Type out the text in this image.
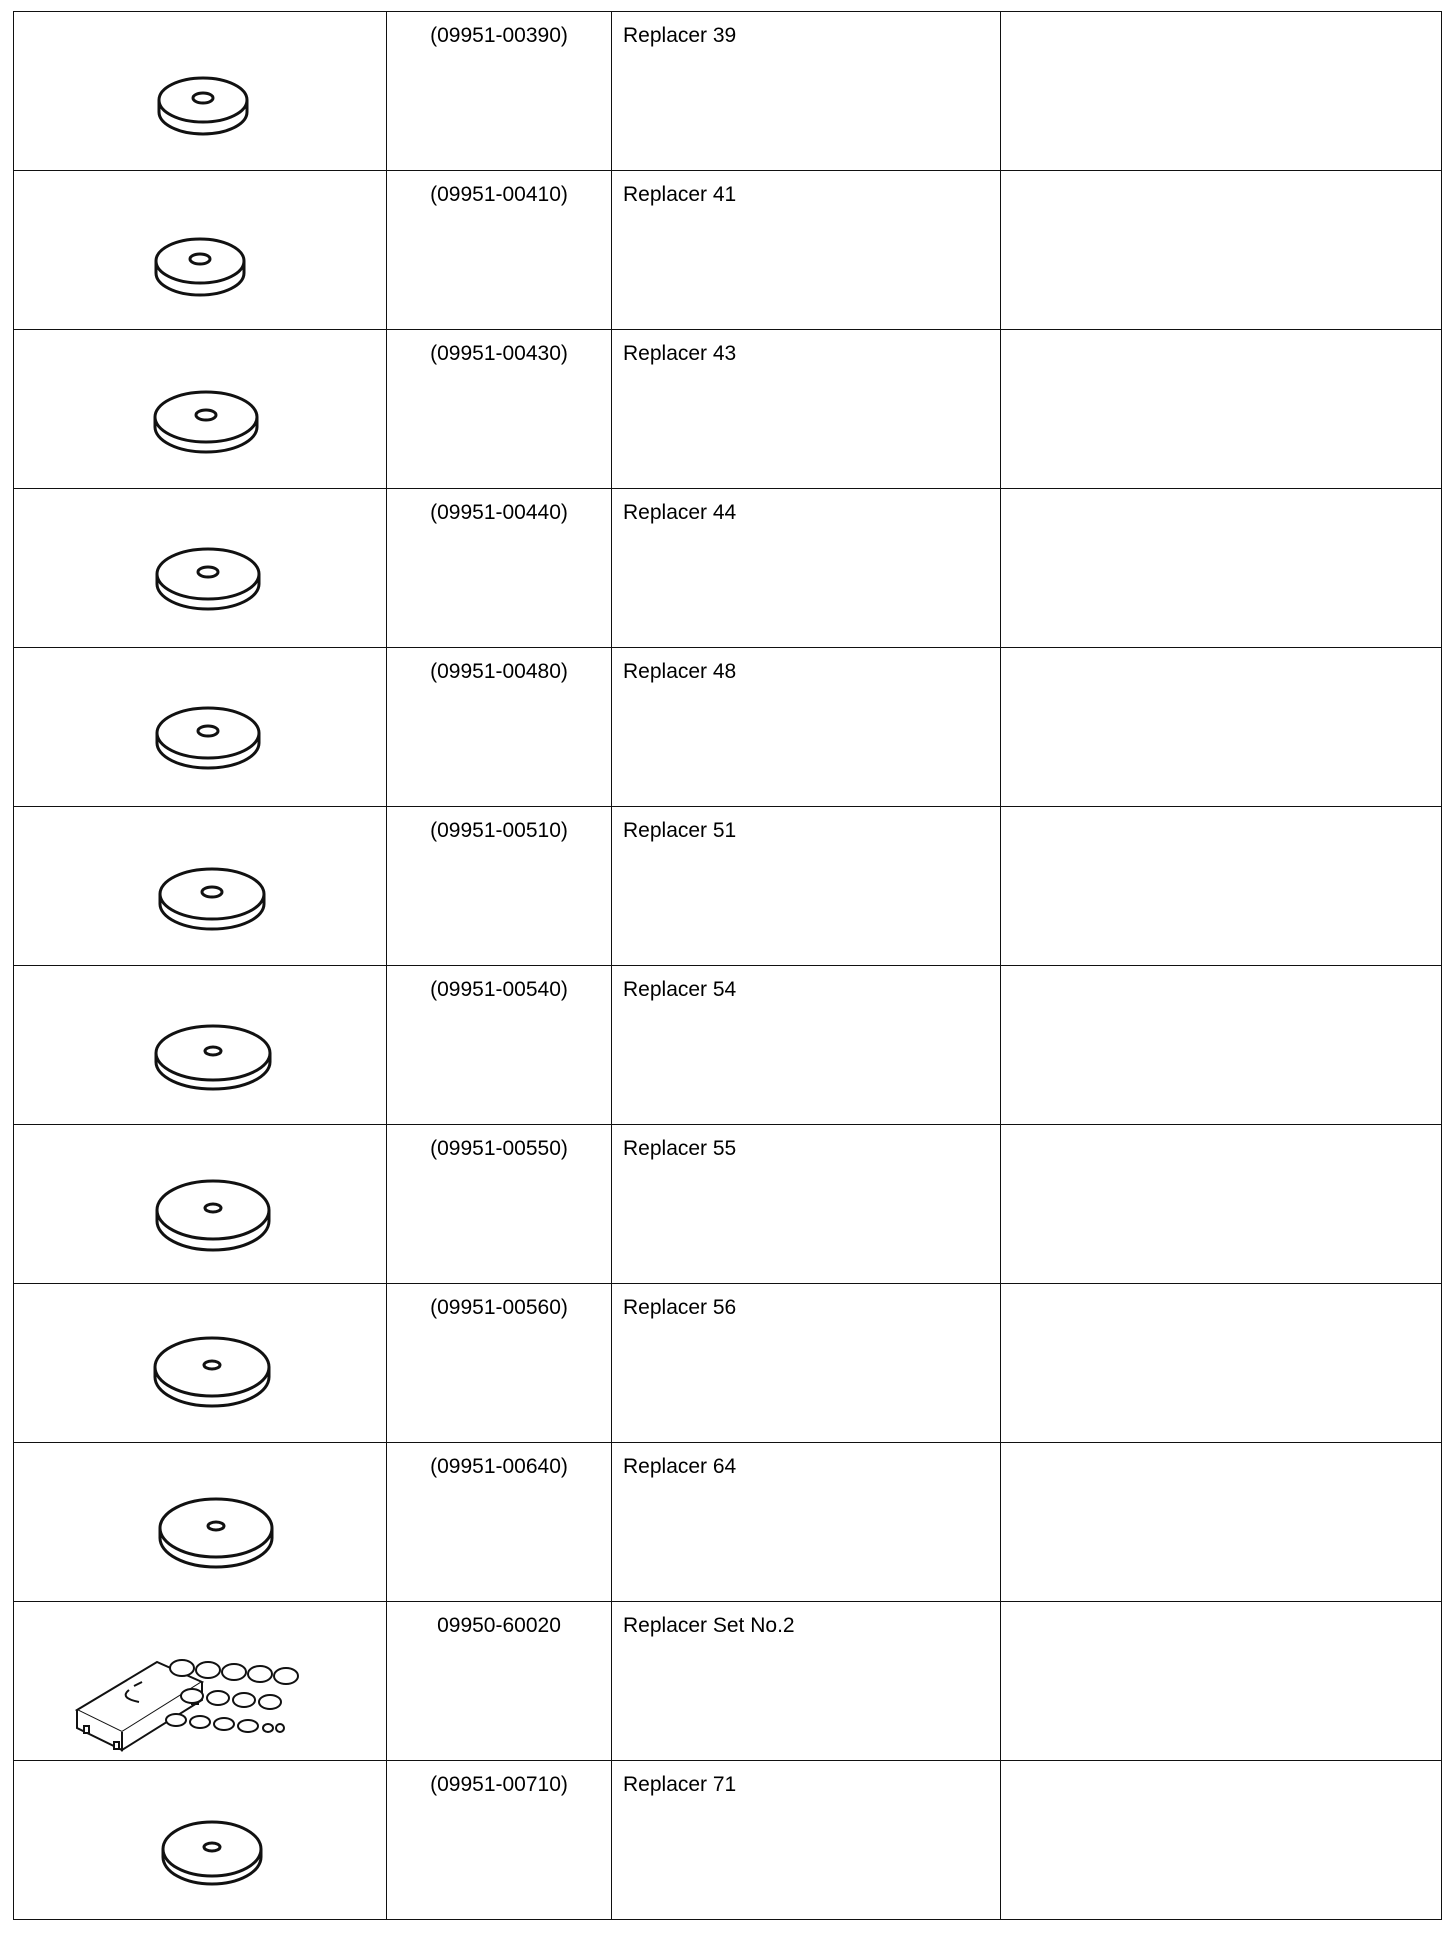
	(09951-00390)	Replacer 39	

	(09951-00410)	Replacer 41	

	(09951-00430)	Replacer 43	

	(09951-00440)	Replacer 44	

	(09951-00480)	Replacer 48	

	(09951-00510)	Replacer 51	

	(09951-00540)	Replacer 54	

	(09951-00550)	Replacer 55	

	(09951-00560)	Replacer 56	

	(09951-00640)	Replacer 64	

	09950-60020	Replacer Set No.2	

	(09951-00710)	Replacer 71	
